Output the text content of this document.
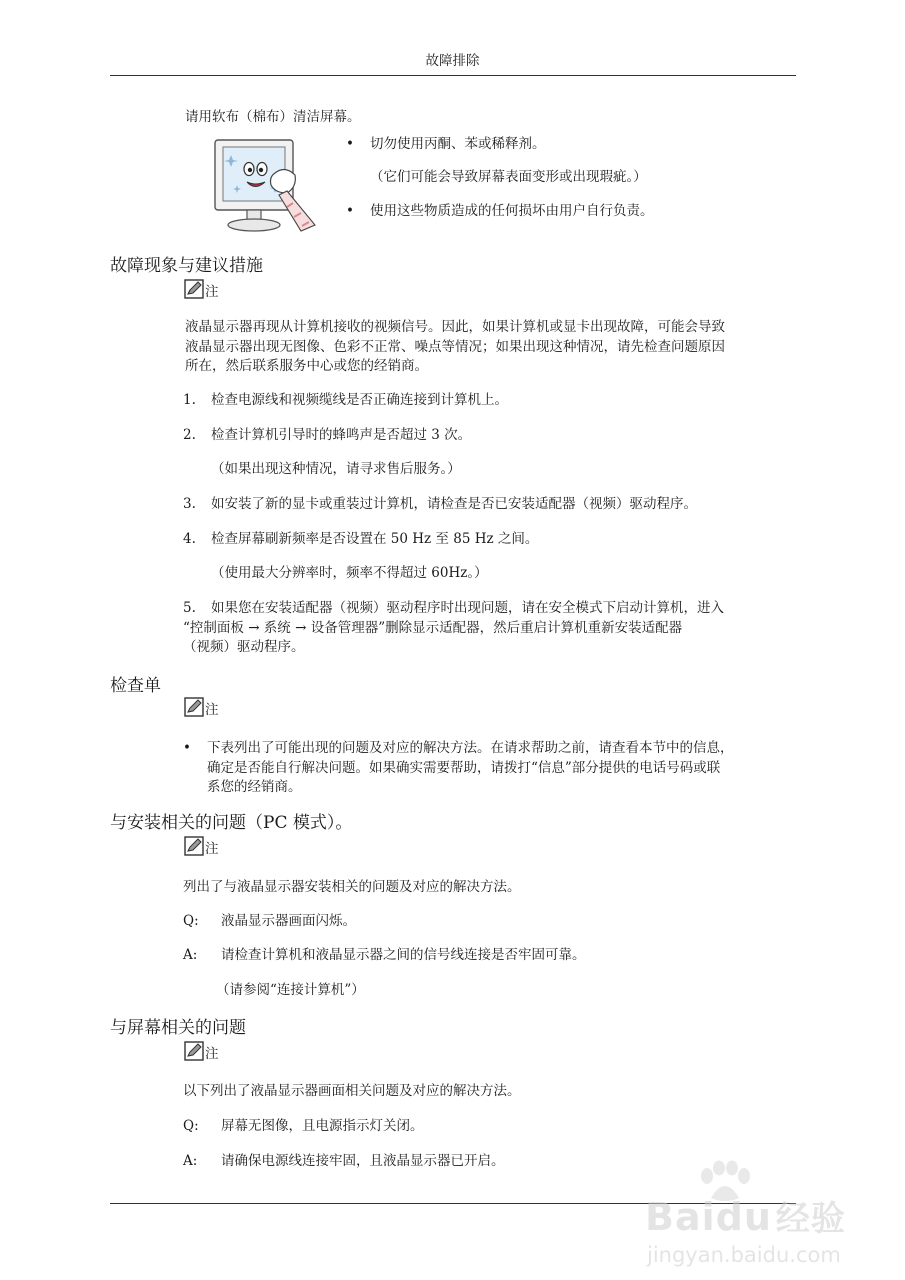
故障排除
请用软布（棉布）清洁屏幕。
•	切勿使用丙酮、苯或稀释剂。
（它们可能会导致屏幕表面变形或出现瑕疵。）
•	使用这些物质造成的任何损坏由用户自行负责。
故障现象与建议措施
注
液晶显示器再现从计算机接收的视频信号。因此，如果计算机或显卡出现故障，可能会导致
液晶显示器出现无图像、色彩不正常、噪点等情况；如果出现这种情况，请先检查问题原因
所在，然后联系服务中心或您的经销商。
1.	检查电源线和视频缆线是否正确连接到计算机上。
2.	检查计算机引导时的蜂鸣声是否超过 3 次。
（如果出现这种情况，请寻求售后服务。）
3.	如安装了新的显卡或重装过计算机，请检查是否已安装适配器（视频）驱动程序。
4.	检查屏幕刷新频率是否设置在 50 Hz 至 85 Hz 之间。
（使用最大分辨率时，频率不得超过 60Hz。）
5.	如果您在安装适配器（视频）驱动程序时出现问题，请在安全模式下启动计算机，进入
“控制面板 → 系统 → 设备管理器”删除显示适配器，然后重启计算机重新安装适配器
（视频）驱动程序。
检查单
注
•	下表列出了可能出现的问题及对应的解决方法。在请求帮助之前，请查看本节中的信息，
确定是否能自行解决问题。如果确实需要帮助，请拨打“信息”部分提供的电话号码或联
系您的经销商。
与安装相关的问题（PC 模式）。
注
列出了与液晶显示器安装相关的问题及对应的解决方法。
Q:	液晶显示器画面闪烁。
A:	请检查计算机和液晶显示器之间的信号线连接是否牢固可靠。
（请参阅“连接计算机”）
与屏幕相关的问题
注
以下列出了液晶显示器画面相关问题及对应的解决方法。
Q:	屏幕无图像，且电源指示灯关闭。
A:	请确保电源线连接牢固，且液晶显示器已开启。
Baidu 经验
jingyan.baidu.com
